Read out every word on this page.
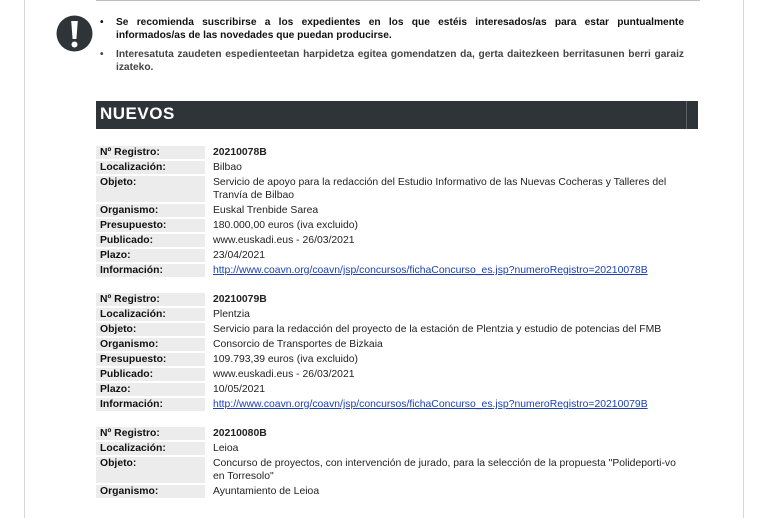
• Se recomienda suscribirse a los expedientes en los que estéis interesados/as para estar puntualmente informados/as de las novedades que puedan producirse.
• Interesatuta zaudeten espedienteetan harpidetza egitea gomendatzen da, gerta daitezkeen berritasunen berri garaiz izateko.
NUEVOS
Nº Registro:	20210078B
Localización:	Bilbao
Objeto:	Servicio de apoyo para la redacción del Estudio Informativo de las Nuevas Cocheras y Talleres del Tranvía de Bilbao
Organismo:	Euskal Trenbide Sarea
Presupuesto:	180.000,00 euros (iva excluido)
Publicado:	www.euskadi.eus - 26/03/2021
Plazo:	23/04/2021
Información:	http://www.coavn.org/coavn/jsp/concursos/fichaConcurso_es.jsp?numeroRegistro=20210078B
Nº Registro:	20210079B
Localización:	Plentzia
Objeto:	Servicio para la redacción del proyecto de la estación de Plentzia y estudio de potencias del FMB
Organismo:	Consorcio de Transportes de Bizkaia
Presupuesto:	109.793,39 euros (iva excluido)
Publicado:	www.euskadi.eus - 26/03/2021
Plazo:	10/05/2021
Información:	http://www.coavn.org/coavn/jsp/concursos/fichaConcurso_es.jsp?numeroRegistro=20210079B
Nº Registro:	20210080B
Localización:	Leioa
Objeto:	Concurso de proyectos, con intervención de jurado, para la selección de la propuesta "Polideporti-vo en Torresolo"
Organismo:	Ayuntamiento de Leioa
